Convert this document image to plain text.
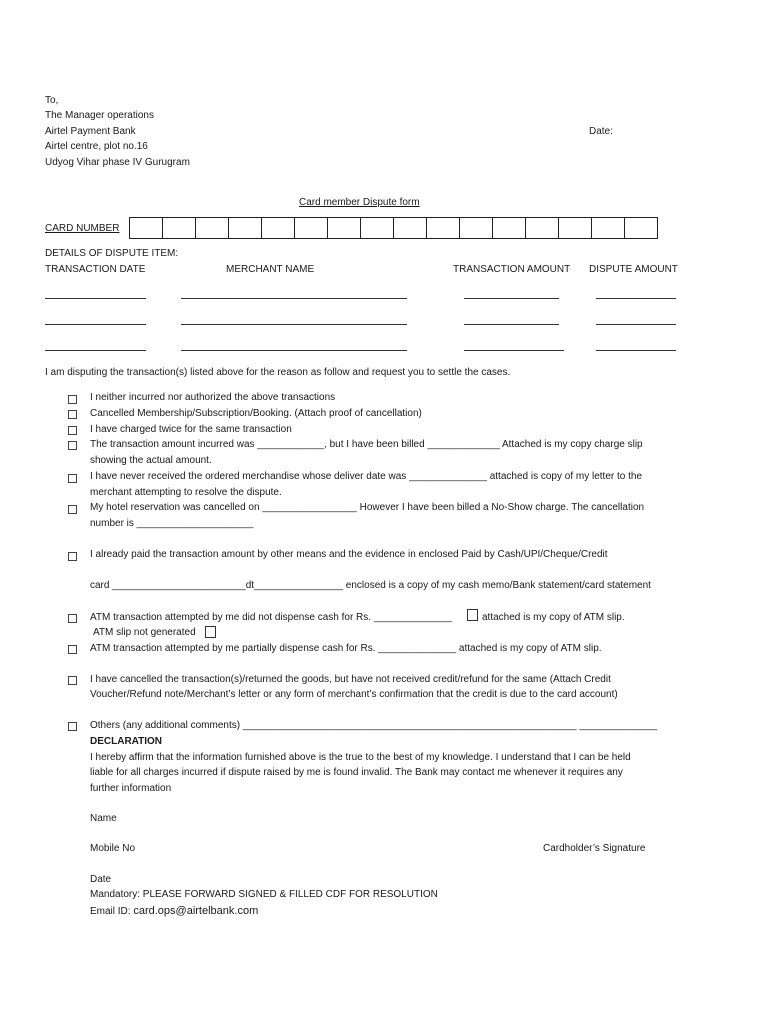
To,
The Manager operations
Airtel Payment Bank
Airtel centre, plot no.16
Udyog Vihar phase IV Gurugram
Date:
Card member Dispute form
CARD NUMBER
DETAILS OF DISPUTE ITEM:
TRANSACTION DATE	MERCHANT NAME	TRANSACTION AMOUNT DISPUTE AMOUNT
I am disputing the transaction(s) listed above for the reason as follow and request you to settle the cases.
I neither incurred nor authorized the above transactions
Cancelled Membership/Subscription/Booking. (Attach proof of cancellation)
I have charged twice for the same transaction
The transaction amount incurred was ____________, but I have been billed _____________ Attached is my copy charge slip
showing the actual amount.
I have never received the ordered merchandise whose deliver date was ______________ attached is copy of my letter to the
merchant attempting to resolve the dispute.
My hotel reservation was cancelled on _________________ However I have been billed a No-Show charge. The cancellation
number is _____________________
I already paid the transaction amount by other means and the evidence in enclosed Paid by Cash/UPI/Cheque/Credit
card ________________________dt________________ enclosed is a copy of my cash memo/Bank statement/card statement
ATM transaction attempted by me did not dispense cash for Rs. ______________	attached is my copy of ATM slip.
ATM slip not generated
ATM transaction attempted by me partially dispense cash for Rs. ______________ attached is my copy of ATM slip.
I have cancelled the transaction(s)/returned the goods, but have not received credit/refund for the same (Attach Credit
Voucher/Refund note/Merchant’s letter or any form of merchant’s confirmation that the credit is due to the card account)
Others (any additional comments) ____________________________________________________________ ______________
DECLARATION
I hereby affirm that the information furnished above is the true to the best of my knowledge. I understand that I can be held
liable for all charges incurred if dispute raised by me is found invalid. The Bank may contact me whenever it requires any
further information
Name
Mobile No	Cardholder’s Signature
Date
Mandatory: PLEASE FORWARD SIGNED & FILLED CDF FOR RESOLUTION
Email ID: card.ops@airtelbank.com
